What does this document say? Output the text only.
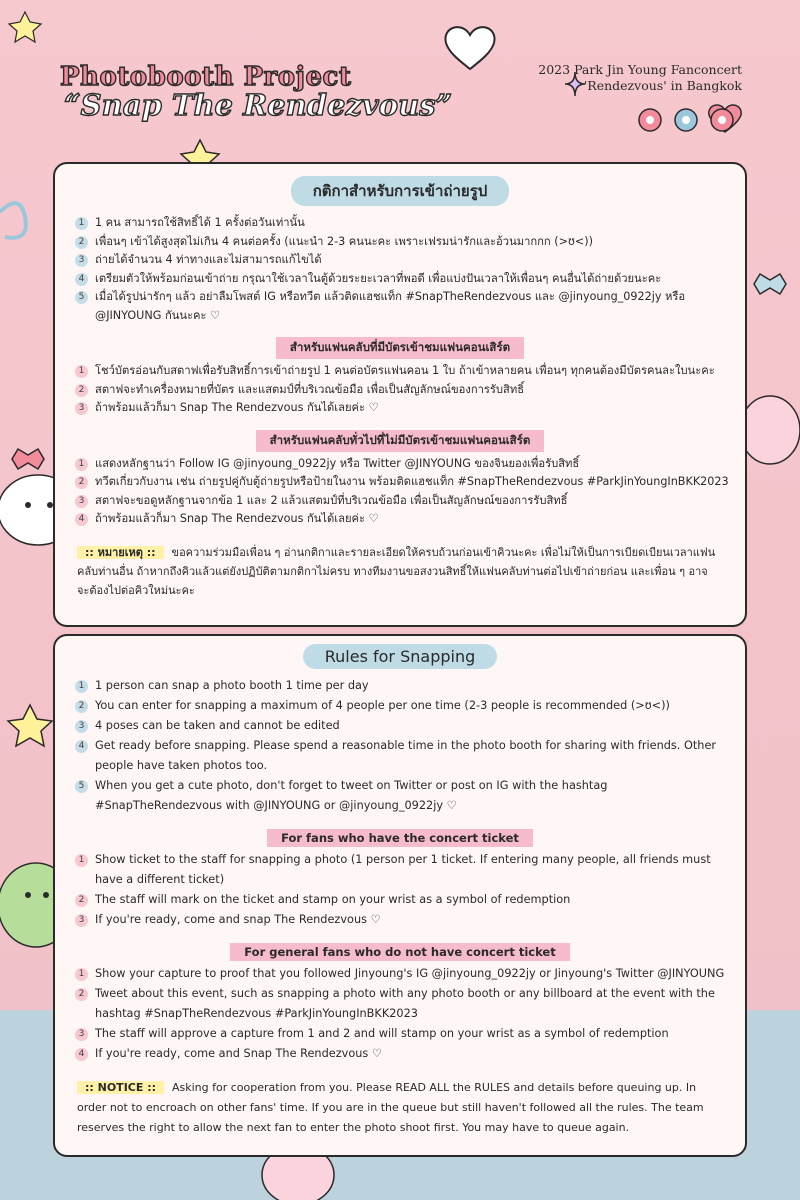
Photobooth Project
“Snap The Rendezvous”
2023 Park Jin Young Fanconcert
'Rendezvous' in Bangkok
กติกาสำหรับการเข้าถ่ายรูป
1 1 คน สามารถใช้สิทธิ์ได้ 1 ครั้งต่อวันเท่านั้น
2 เพื่อนๆ เข้าได้สูงสุดไม่เกิน 4 คนต่อครั้ง (แนะนำ 2-3 คนนะคะ เพราะเฟรมน่ารักและอ้วนมากกก (>ʊ<))
3 ถ่ายได้จำนวน 4 ท่าทางและไม่สามารถแก้ไขได้
4 เตรียมตัวให้พร้อมก่อนเข้าถ่าย กรุณาใช้เวลาในตู้ด้วยระยะเวลาที่พอดี เพื่อแบ่งปันเวลาให้เพื่อนๆ คนอื่นได้ถ่ายด้วยนะคะ
5 เมื่อได้รูปน่ารักๆ แล้ว อย่าลืมโพสต์ IG หรือทวีต แล้วติดแฮชแท็ก #SnapTheRendezvous และ @jinyoung_0922jy หรือ @JINYOUNG กันนะคะ ♡
สำหรับแฟนคลับที่มีบัตรเข้าชมแฟนคอนเสิร์ต
1 โชว์บัตรอ่อนกับสตาฟเพื่อรับสิทธิ์การเข้าถ่ายรูป 1 คนต่อบัตรแฟนคอน 1 ใบ ถ้าเข้าหลายคน เพื่อนๆ ทุกคนต้องมีบัตรคนละใบนะคะ
2 สตาฟจะทำเครื่องหมายที่บัตร และแสตมป์ที่บริเวณข้อมือ เพื่อเป็นสัญลักษณ์ของการรับสิทธิ์
3 ถ้าพร้อมแล้วก็มา Snap The Rendezvous กันได้เลยค่ะ ♡
สำหรับแฟนคลับทั่วไปที่ไม่มีบัตรเข้าชมแฟนคอนเสิร์ต
1 แสดงหลักฐานว่า Follow IG @jinyoung_0922jy หรือ Twitter @JINYOUNG ของจินยองเพื่อรับสิทธิ์
2 ทวีตเกี่ยวกับงาน เช่น ถ่ายรูปคู่กับตู้ถ่ายรูปหรือป้ายในงาน พร้อมติดแฮชแท็ก #SnapTheRendezvous #ParkJinYoungInBKK2023
3 สตาฟจะขอดูหลักฐานจากข้อ 1 และ 2 แล้วแสตมป์ที่บริเวณข้อมือ เพื่อเป็นสัญลักษณ์ของการรับสิทธิ์
4 ถ้าพร้อมแล้วก็มา Snap The Rendezvous กันได้เลยค่ะ ♡
:: หมายเหตุ :: ขอความร่วมมือเพื่อน ๆ อ่านกติกาและรายละเอียดให้ครบถ้วนก่อนเข้าคิวนะคะ เพื่อไม่ให้เป็นการเบียดเบียนเวลาแฟนคลับท่านอื่น ถ้าหากถึงคิวแล้วแต่ยังปฏิบัติตามกติกาไม่ครบ ทางทีมงานขอสงวนสิทธิ์ให้แฟนคลับท่านต่อไปเข้าถ่ายก่อน และเพื่อน ๆ อาจจะต้องไปต่อคิวใหม่นะคะ
Rules for Snapping
1 1 person can snap a photo booth 1 time per day
2 You can enter for snapping a maximum of 4 people per one time (2-3 people is recommended (>ʊ<))
3 4 poses can be taken and cannot be edited
4 Get ready before snapping. Please spend a reasonable time in the photo booth for sharing with friends. Other people have taken photos too.
5 When you get a cute photo, don't forget to tweet on Twitter or post on IG with the hashtag #SnapTheRendezvous with @JINYOUNG or @jinyoung_0922jy ♡
For fans who have the concert ticket
1 Show ticket to the staff for snapping a photo (1 person per 1 ticket. If entering many people, all friends must have a different ticket)
2 The staff will mark on the ticket and stamp on your wrist as a symbol of redemption
3 If you're ready, come and snap The Rendezvous ♡
For general fans who do not have concert ticket
1 Show your capture to proof that you followed Jinyoung's IG @jinyoung_0922jy or Jinyoung's Twitter @JINYOUNG
2 Tweet about this event, such as snapping a photo with any photo booth or any billboard at the event with the hashtag #SnapTheRendezvous #ParkJinYoungInBKK2023
3 The staff will approve a capture from 1 and 2 and will stamp on your wrist as a symbol of redemption
4 If you're ready, come and Snap The Rendezvous ♡
:: NOTICE :: Asking for cooperation from you. Please READ ALL the RULES and details before queuing up. In order not to encroach on other fans' time. If you are in the queue but still haven't followed all the rules. The team reserves the right to allow the next fan to enter the photo shoot first. You may have to queue again.
